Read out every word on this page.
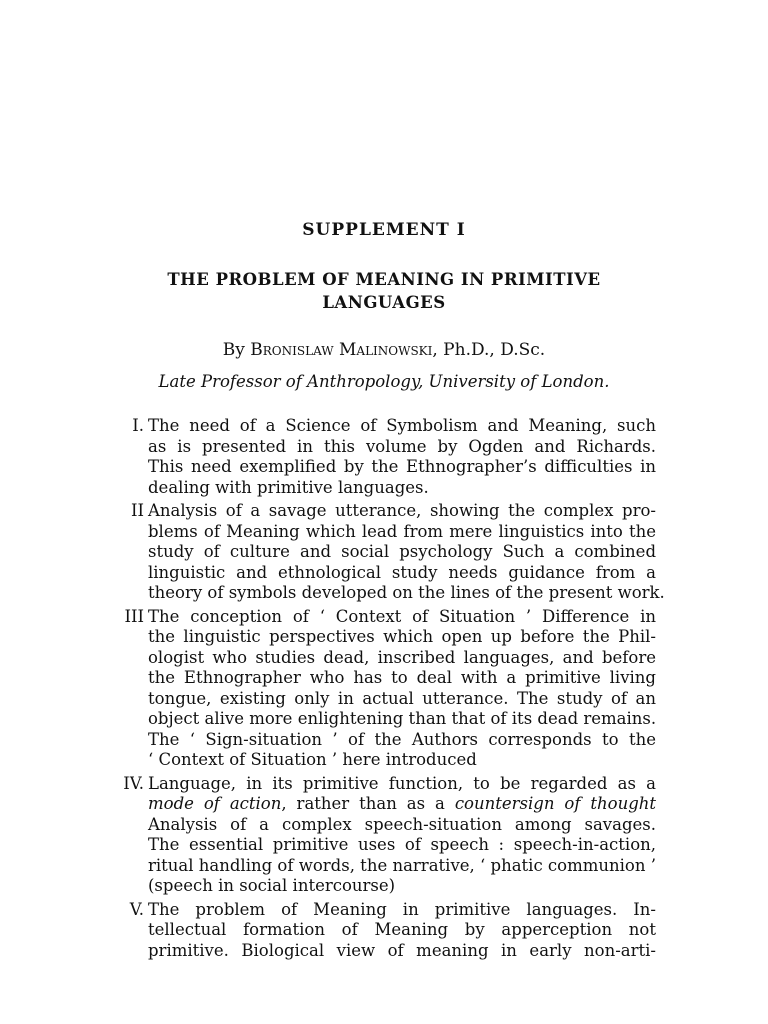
SUPPLEMENT I
THE PROBLEM OF MEANING IN PRIMITIVE
LANGUAGES
By Bronislaw Malinowski, Ph.D., D.Sc.
Late Professor of Anthropology, University of London.
I. The need of a Science of Symbolism and Meaning, such
as is presented in this volume by Ogden and Richards.
This need exemplified by the Ethnographer’s difficulties in
dealing with primitive languages.
II Analysis of a savage utterance, showing the complex pro-
blems of Meaning which lead from mere linguistics into the
study of culture and social psychology Such a combined
linguistic and ethnological study needs guidance from a
theory of symbols developed on the lines of the present work.
III The conception of ‘ Context of Situation ’ Difference in
the linguistic perspectives which open up before the Phil-
ologist who studies dead, inscribed languages, and before
the Ethnographer who has to deal with a primitive living
tongue, existing only in actual utterance. The study of an
object alive more enlightening than that of its dead remains.
The ‘ Sign-situation ’ of the Authors corresponds to the
‘ Context of Situation ’ here introduced
IV. Language, in its primitive function, to be regarded as a
mode of action, rather than as a countersign of thought
Analysis of a complex speech-situation among savages.
The essential primitive uses of speech : speech-in-action,
ritual handling of words, the narrative, ‘ phatic communion ’
(speech in social intercourse)
V. The problem of Meaning in primitive languages. In-
tellectual formation of Meaning by apperception not
primitive. Biological view of meaning in early non-arti-
